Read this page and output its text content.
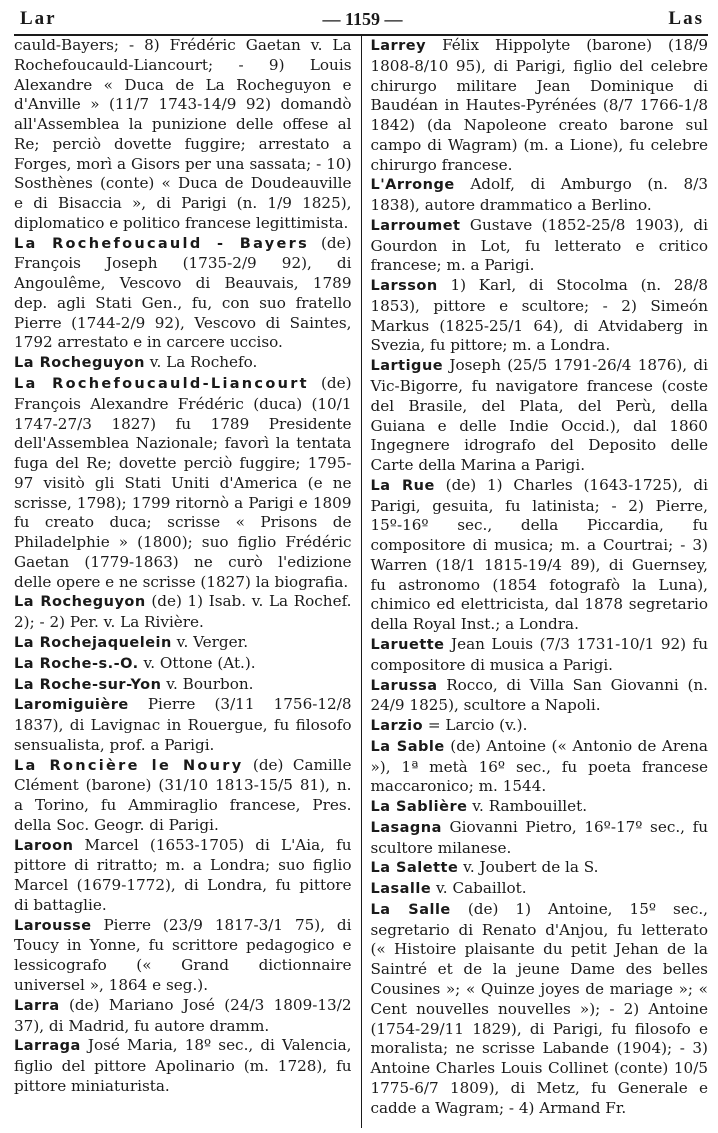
Lar	— 1159 —	Las

cauld-Bayers; - 8) Frédéric Gaetan v. La Rochefoucauld-Liancourt; - 9) Louis Alexandre « Duca de La Rocheguyon e d'Anville » (11/7 1743-14/9 92) domandò all'Assemblea la punizione delle offese al Re; perciò dovette fuggire; arrestato a Forges, morì a Gisors per una sassata; - 10) Sosthènes (conte) « Duca de Doudeauville e di Bisaccia », di Parigi (n. 1/9 1825), diplomatico e politico francese legittimista.

La Rochefoucauld - Bayers (de) François Joseph (1735-2/9 92), di Angoulême, Vescovo di Beauvais, 1789 dep. agli Stati Gen., fu, con suo fratello Pierre (1744-2/9 92), Vescovo di Saintes, 1792 arrestato e in carcere ucciso.

La Rocheguyon v. La Rochefo.

La Rochefoucauld-Liancourt (de) François Alexandre Frédéric (duca) (10/1 1747-27/3 1827) fu 1789 Presidente dell'Assemblea Nazionale; favorì la tentata fuga del Re; dovette perciò fuggire; 1795-97 visitò gli Stati Uniti d'America (e ne scrisse, 1798); 1799 ritornò a Parigi e 1809 fu creato duca; scrisse « Prisons de Philadelphie » (1800); suo figlio Frédéric Gaetan (1779-1863) ne curò l'edizione delle opere e ne scrisse (1827) la biografia.

La Rocheguyon (de) 1) Isab. v. La Rochef. 2); - 2) Per. v. La Rivière.

La Rochejaquelein v. Verger.

La Roche-s.-O. v. Ottone (At.).

La Roche-sur-Yon v. Bourbon.

Laromiguière Pierre (3/11 1756-12/8 1837), di Lavignac in Rouergue, fu filosofo sensualista, prof. a Parigi.

La Roncière le Noury (de) Camille Clément (barone) (31/10 1813-15/5 81), n. a Torino, fu Ammiraglio francese, Pres. della Soc. Geogr. di Parigi.

Laroon Marcel (1653-1705) di L'Aia, fu pittore di ritratto; m. a Londra; suo figlio Marcel (1679-1772), di Londra, fu pittore di battaglie.

Larousse Pierre (23/9 1817-3/1 75), di Toucy in Yonne, fu scrittore pedagogico e lessicografo (« Grand dictionnaire universel », 1864 e seg.).

Larra (de) Mariano José (24/3 1809-13/2 37), di Madrid, fu autore dramm.

Larraga José Maria, 18º sec., di Valencia, figlio del pittore Apolinario (m. 1728), fu pittore miniaturista.

Larrey Félix Hippolyte (barone) (18/9 1808-8/10 95), di Parigi, figlio del celebre chirurgo militare Jean Dominique di Baudéan in Hautes-Pyrénées (8/7 1766-1/8 1842) (da Napoleone creato barone sul campo di Wagram) (m. a Lione), fu celebre chirurgo francese.

L'Arronge Adolf, di Amburgo (n. 8/3 1838), autore drammatico a Berlino.

Larroumet Gustave (1852-25/8 1903), di Gourdon in Lot, fu letterato e critico francese; m. a Parigi.

Larsson 1) Karl, di Stocolma (n. 28/8 1853), pittore e scultore; - 2) Simeón Markus (1825-25/1 64), di Atvidaberg in Svezia, fu pittore; m. a Londra.

Lartigue Joseph (25/5 1791-26/4 1876), di Vic-Bigorre, fu navigatore francese (coste del Brasile, del Plata, del Perù, della Guiana e delle Indie Occid.), dal 1860 Ingegnere idrografo del Deposito delle Carte della Marina a Parigi.

La Rue (de) 1) Charles (1643-1725), di Parigi, gesuita, fu latinista; - 2) Pierre, 15º-16º sec., della Piccardia, fu compositore di musica; m. a Courtrai; - 3) Warren (18/1 1815-19/4 89), di Guernsey, fu astronomo (1854 fotografò la Luna), chimico ed elettricista, dal 1878 segretario della Royal Inst.; a Londra.

Laruette Jean Louis (7/3 1731-10/1 92) fu compositore di musica a Parigi.

Larussa Rocco, di Villa San Giovanni (n. 24/9 1825), scultore a Napoli.

Larzio = Larcio (v.).

La Sable (de) Antoine (« Antonio de Arena »), 1ª metà 16º sec., fu poeta francese maccaronico; m. 1544.

La Sablière v. Rambouillet.

Lasagna Giovanni Pietro, 16º-17º sec., fu scultore milanese.

La Salette v. Joubert de la S.

Lasalle v. Cabaillot.

La Salle (de) 1) Antoine, 15º sec., segretario di Renato d'Anjou, fu letterato (« Histoire plaisante du petit Jehan de la Saintré et de la jeune Dame des belles Cousines »; « Quinze joyes de mariage »; « Cent nouvelles nouvelles »); - 2) Antoine (1754-29/11 1829), di Parigi, fu filosofo e moralista; ne scrisse Labande (1904); - 3) Antoine Charles Louis Collinet (conte) 10/5 1775-6/7 1809), di Metz, fu Generale e cadde a Wagram; - 4) Armand Fr.
